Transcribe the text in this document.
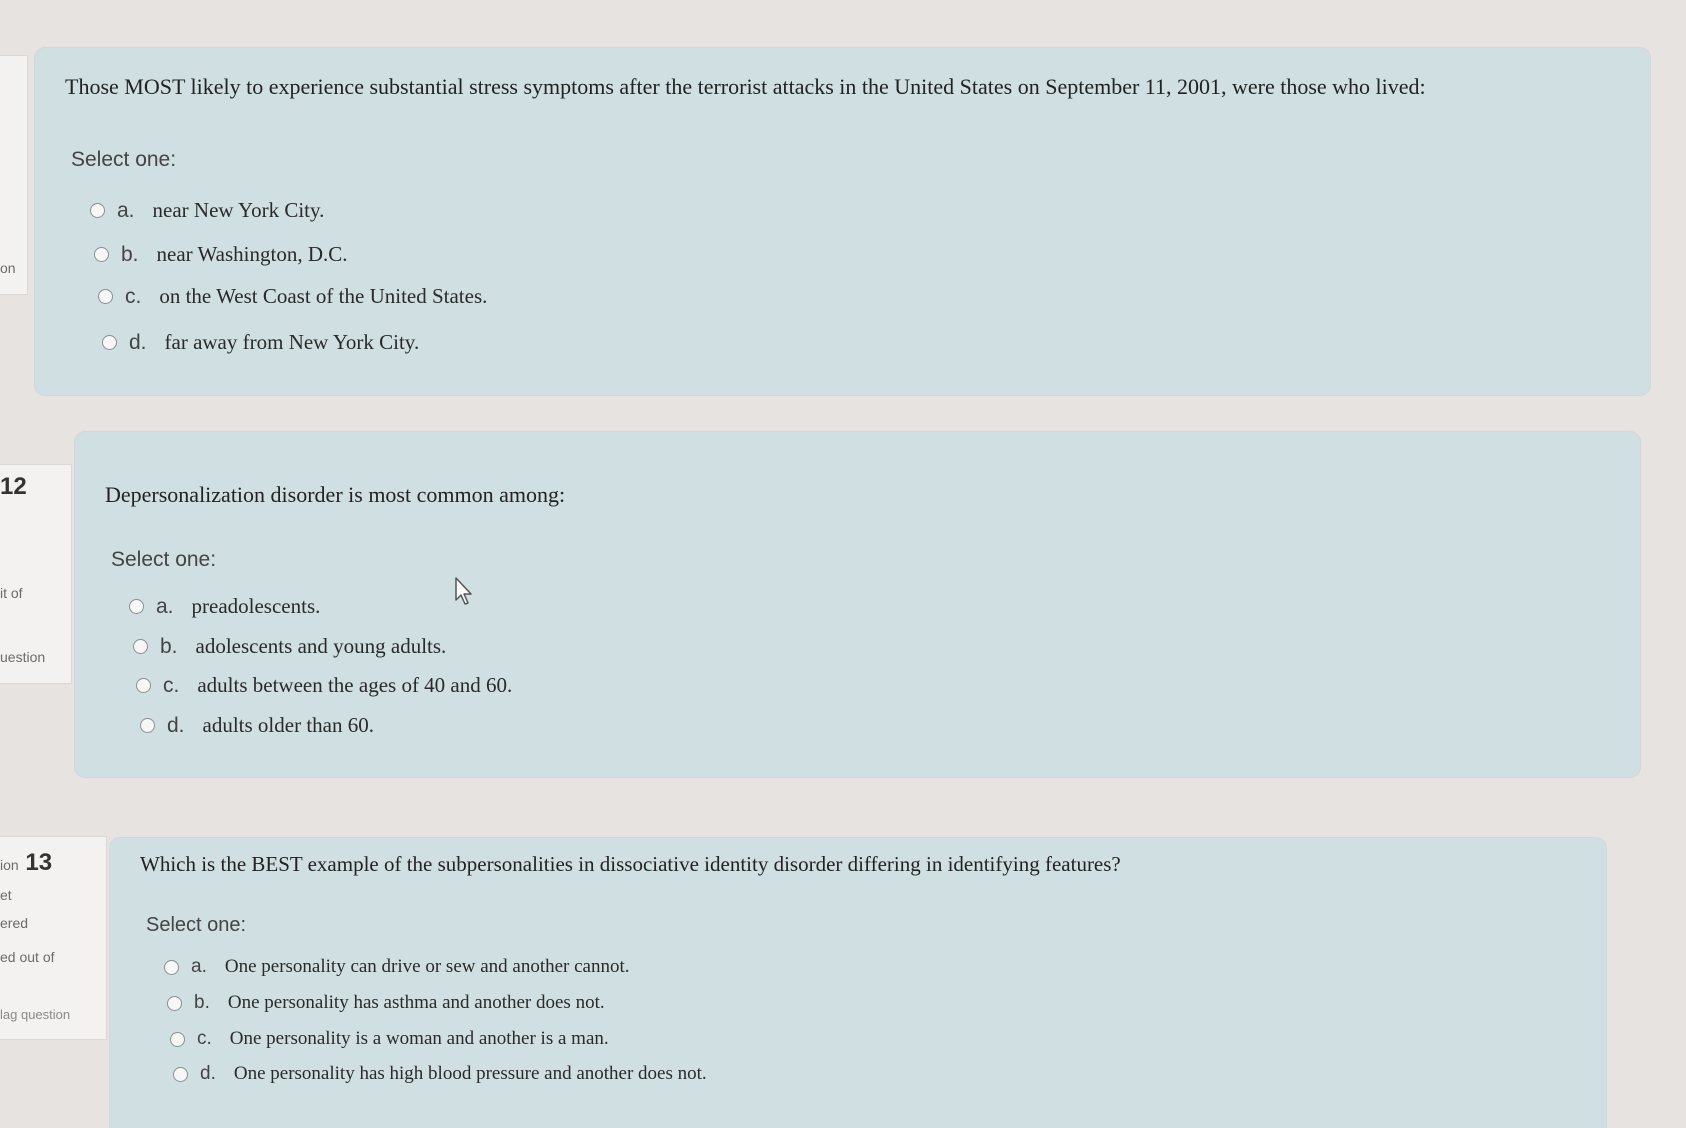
on
Those MOST likely to experience substantial stress symptoms after the terrorist attacks in the United States on September 11, 2001, were those who lived:
Select one:
a. near New York City.
b. near Washington, D.C.
c. on the West Coast of the United States.
d. far away from New York City.
12
it of
uestion
Depersonalization disorder is most common among:
Select one:
a. preadolescents.
b. adolescents and young adults.
c. adults between the ages of 40 and 60.
d. adults older than 60.
ion 13
et
ered
ed out of
lag question
Which is the BEST example of the subpersonalities in dissociative identity disorder differing in identifying features?
Select one:
a. One personality can drive or sew and another cannot.
b. One personality has asthma and another does not.
c. One personality is a woman and another is a man.
d. One personality has high blood pressure and another does not.
